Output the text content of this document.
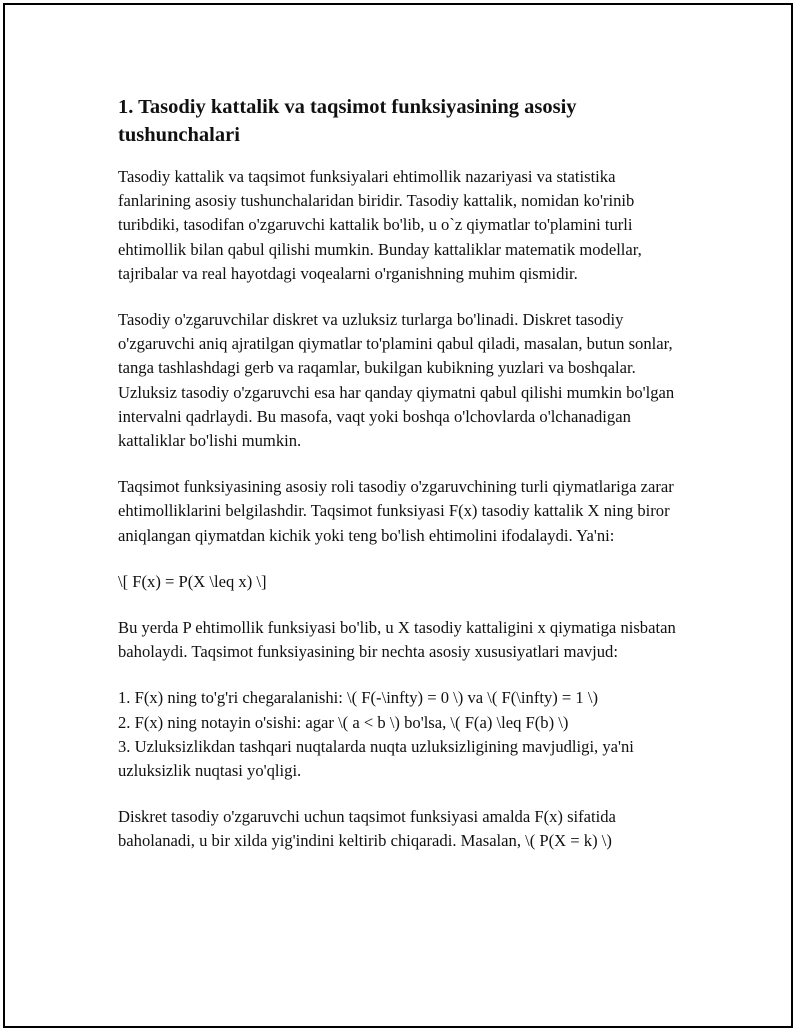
1. Tasodiy kattalik va taqsimot funksiyasining asosiy tushunchalari

Tasodiy kattalik va taqsimot funksiyalari ehtimollik nazariyasi va statistika fanlarining asosiy tushunchalaridan biridir. Tasodiy kattalik, nomidan ko'rinib turibdiki, tasodifan o'zgaruvchi kattalik bo'lib, u o`z qiymatlar to'plamini turli ehtimollik bilan qabul qilishi mumkin. Bunday kattaliklar matematik modellar, tajribalar va real hayotdagi voqealarni o'rganishning muhim qismidir.

Tasodiy o'zgaruvchilar diskret va uzluksiz turlarga bo'linadi. Diskret tasodiy o'zgaruvchi aniq ajratilgan qiymatlar to'plamini qabul qiladi, masalan, butun sonlar, tanga tashlashdagi gerb va raqamlar, bukilgan kubikning yuzlari va boshqalar. Uzluksiz tasodiy o'zgaruvchi esa har qanday qiymatni qabul qilishi mumkin bo'lgan intervalni qadrlaydi. Bu masofa, vaqt yoki boshqa o'lchovlarda o'lchanadigan kattaliklar bo'lishi mumkin.

Taqsimot funksiyasining asosiy roli tasodiy o'zgaruvchining turli qiymatlariga zarar ehtimolliklarini belgilashdir. Taqsimot funksiyasi F(x) tasodiy kattalik X ning biror aniqlangan qiymatdan kichik yoki teng bo'lish ehtimolini ifodalaydi. Ya'ni:

\[ F(x) = P(X \leq x) \]

Bu yerda P ehtimollik funksiyasi bo'lib, u X tasodiy kattaligini x qiymatiga nisbatan baholaydi. Taqsimot funksiyasining bir nechta asosiy xususiyatlari mavjud:

1. F(x) ning to'g'ri chegaralanishi: \( F(-\infty) = 0 \) va \( F(\infty) = 1 \)
2. F(x) ning notayin o'sishi: agar \( a < b \) bo'lsa, \( F(a) \leq F(b) \)
3. Uzluksizlikdan tashqari nuqtalarda nuqta uzluksizligining mavjudligi, ya'ni uzluksizlik nuqtasi yo'qligi.

Diskret tasodiy o'zgaruvchi uchun taqsimot funksiyasi amalda F(x) sifatida baholanadi, u bir xilda yig'indini keltirib chiqaradi. Masalan, \( P(X = k) \)
